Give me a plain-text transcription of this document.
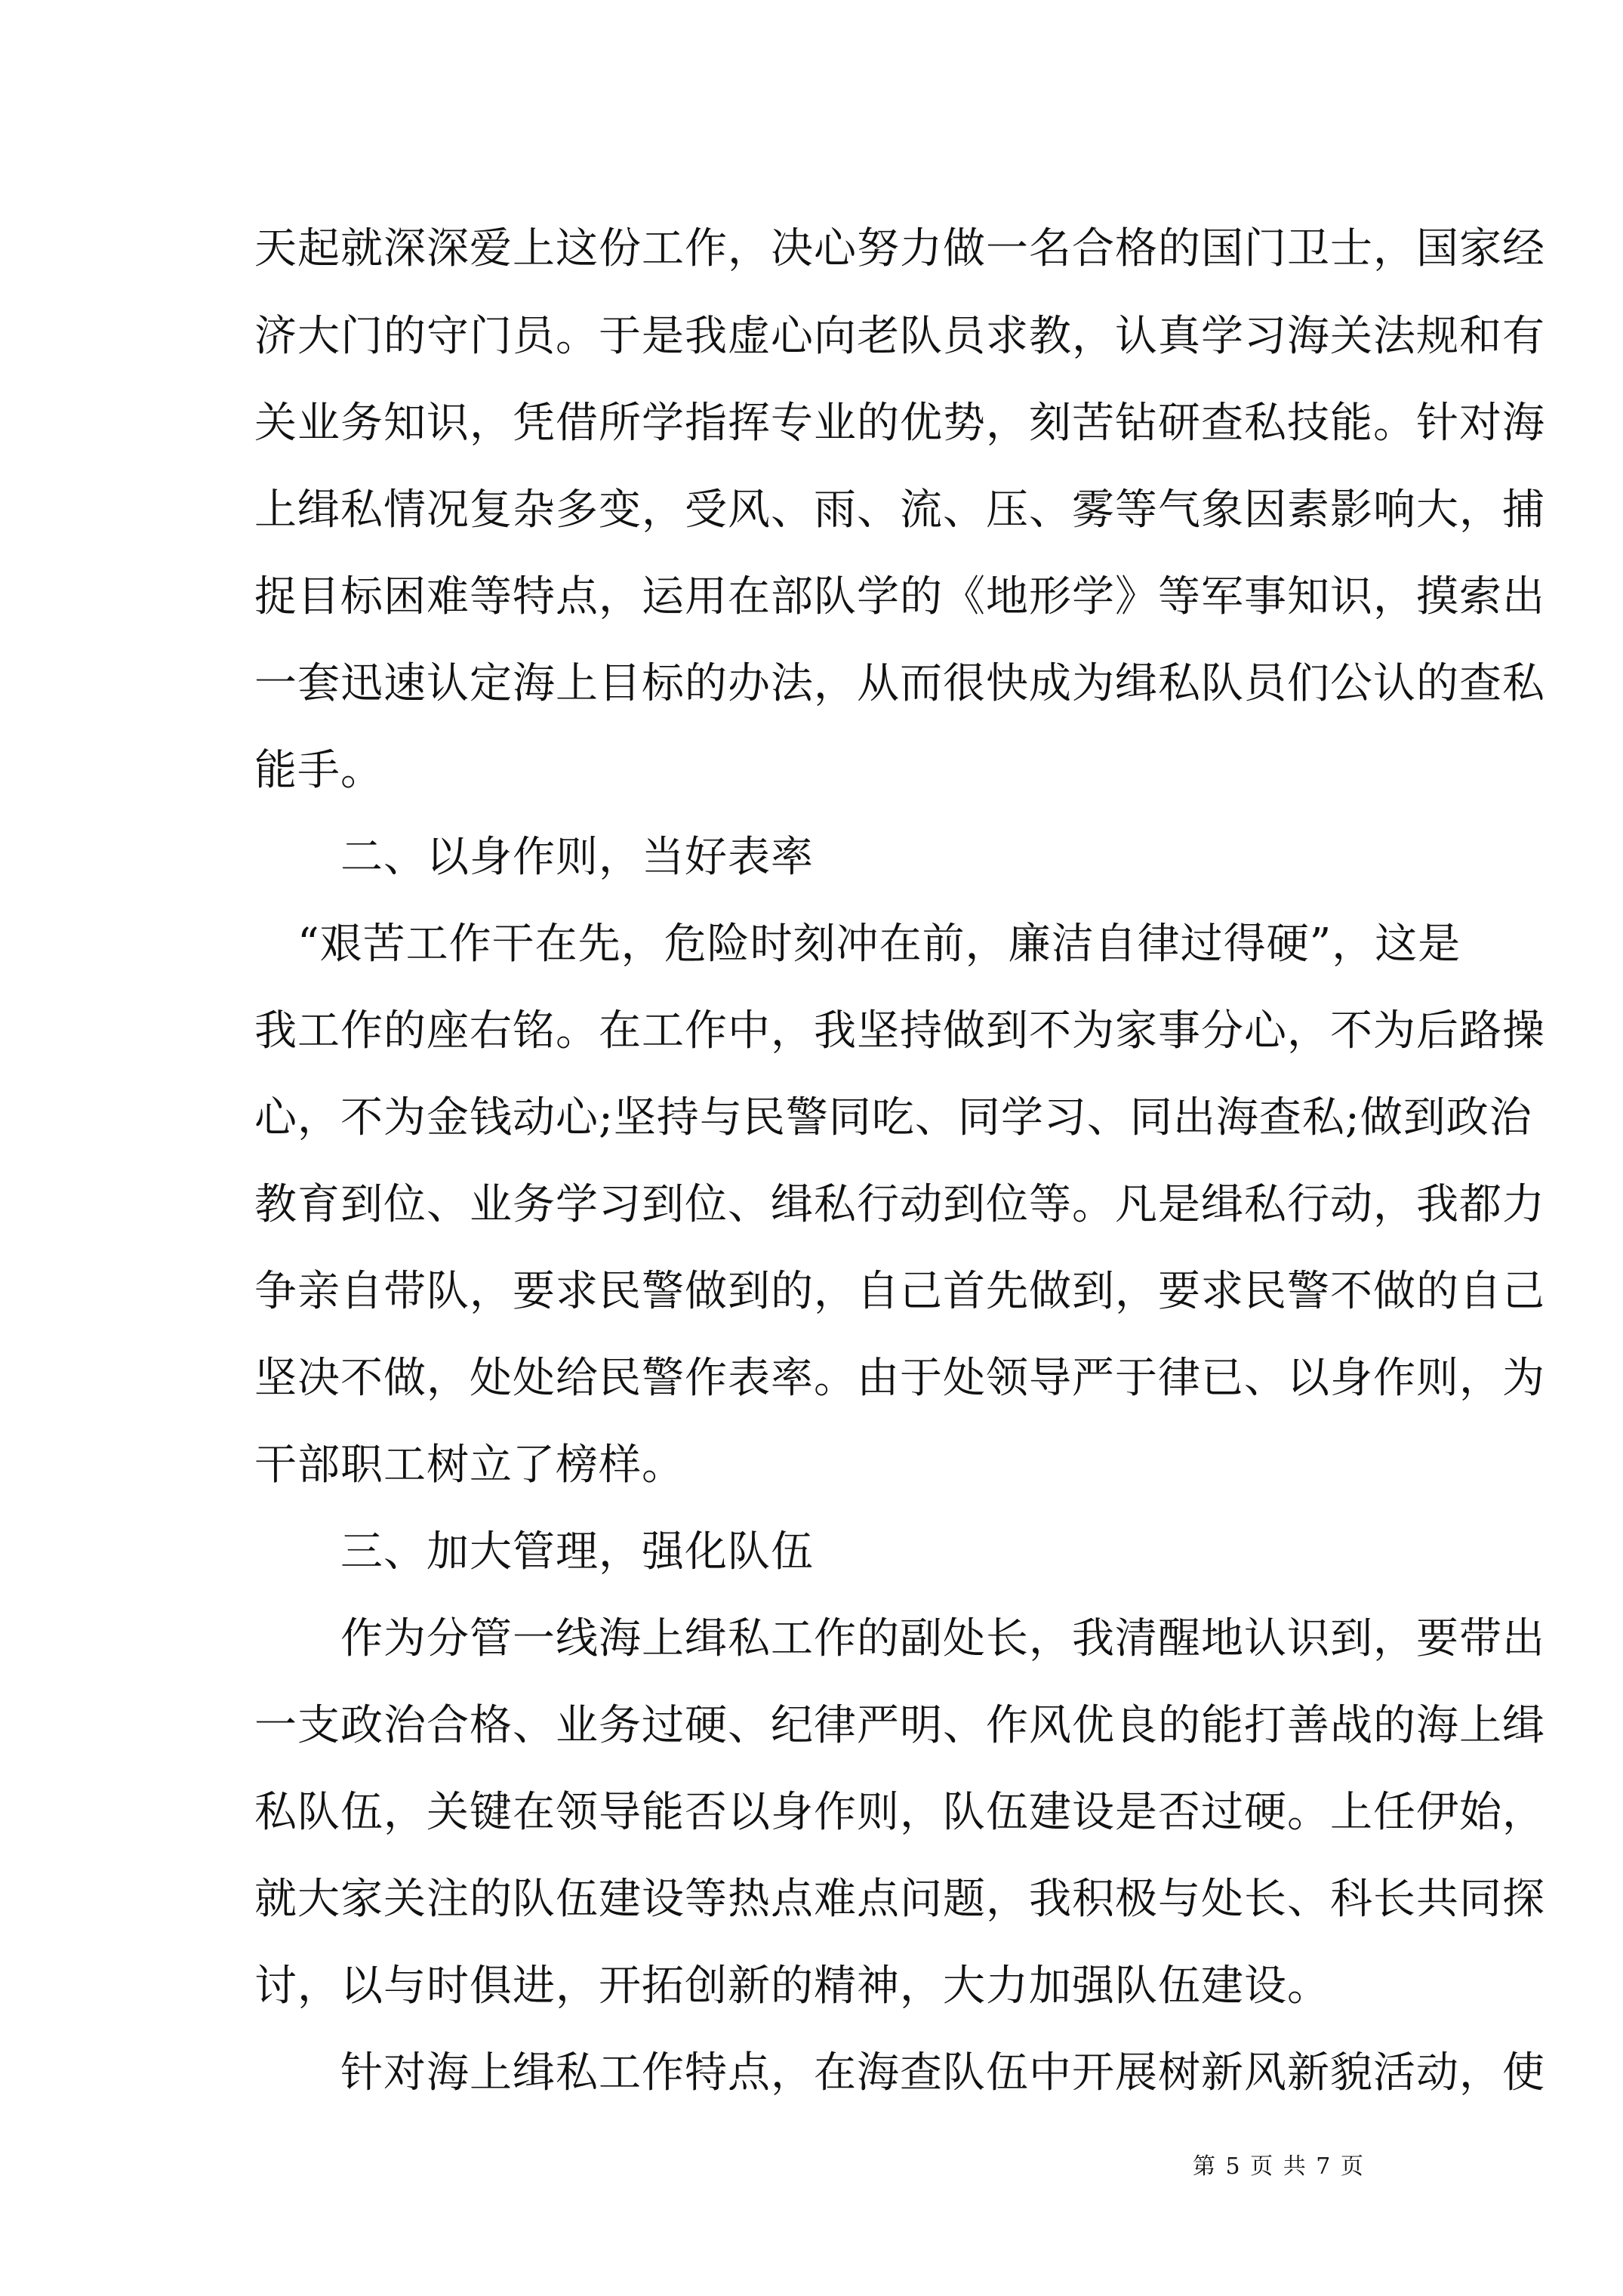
天起就深深爱上这份工作，决心努力做一名合格的国门卫士，国家经
济大门的守门员。于是我虚心向老队员求教，认真学习海关法规和有
关业务知识，凭借所学指挥专业的优势，刻苦钻研查私技能。针对海
上缉私情况复杂多变，受风、雨、流、压、雾等气象因素影响大，捕
捉目标困难等特点，运用在部队学的《地形学》等军事知识，摸索出
一套迅速认定海上目标的办法，从而很快成为缉私队员们公认的查私
能手。
　　二、以身作则，当好表率
　“艰苦工作干在先，危险时刻冲在前，廉洁自律过得硬”，这是
我工作的座右铭。在工作中，我坚持做到不为家事分心，不为后路操
心，不为金钱动心;坚持与民警同吃、同学习、同出海查私;做到政治
教育到位、业务学习到位、缉私行动到位等。凡是缉私行动，我都力
争亲自带队，要求民警做到的，自己首先做到，要求民警不做的自己
坚决不做，处处给民警作表率。由于处领导严于律已、以身作则，为
干部职工树立了榜样。
　　三、加大管理，强化队伍
　　作为分管一线海上缉私工作的副处长，我清醒地认识到，要带出
一支政治合格、业务过硬、纪律严明、作风优良的能打善战的海上缉
私队伍，关键在领导能否以身作则，队伍建设是否过硬。上任伊始，
就大家关注的队伍建设等热点难点问题，我积极与处长、科长共同探
讨，以与时俱进，开拓创新的精神，大力加强队伍建设。
　　针对海上缉私工作特点，在海查队伍中开展树新风新貌活动，使
第 5 页 共 7 页
